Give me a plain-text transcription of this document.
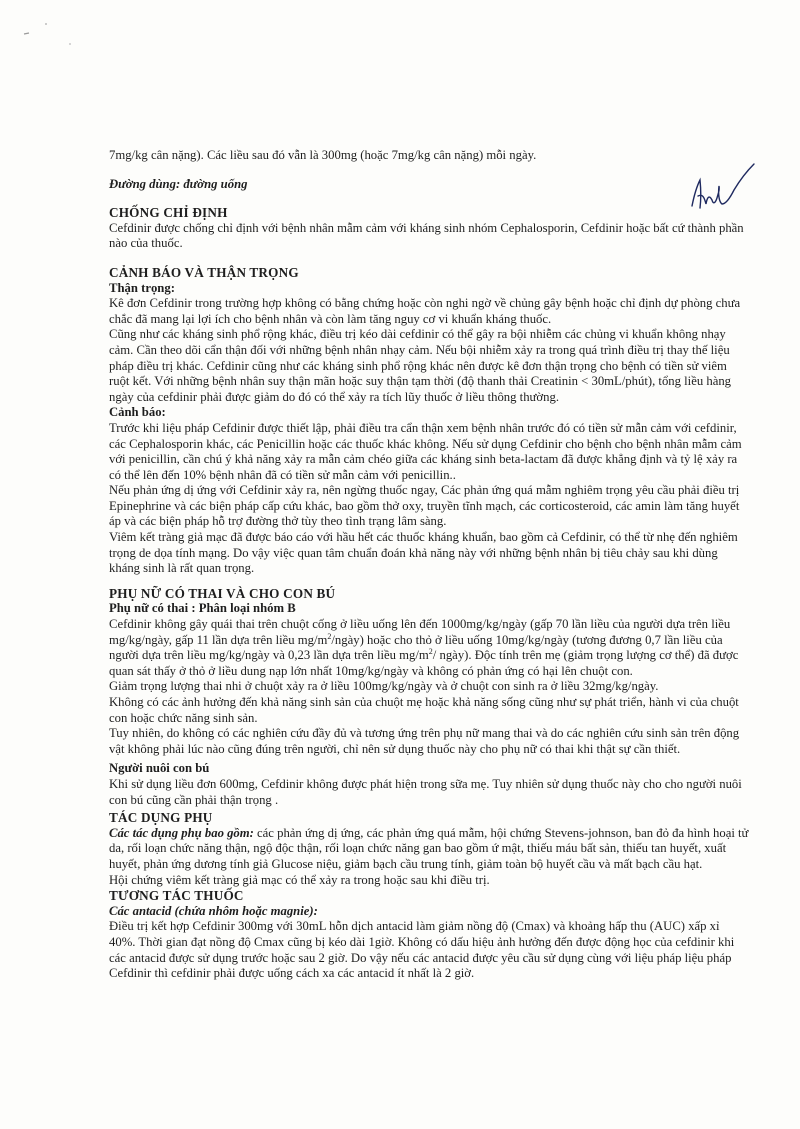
7mg/kg cân nặng). Các liều sau đó vẫn là 300mg (hoặc 7mg/kg cân nặng) mỗi ngày.

Đường dùng: đường uống

CHỐNG CHỈ ĐỊNH

Cefdinir được chống chỉ định với bệnh nhân mẫm cảm với kháng sinh nhóm Cephalosporin, Cefdinir hoặc bất cứ thành phần nào của thuốc.

CẢNH BÁO VÀ THẬN TRỌNG

Thận trọng:

Kê đơn Cefdinir trong trường hợp không có bằng chứng hoặc còn nghi ngờ về chủng gây bệnh hoặc chỉ định dự phòng chưa chắc đã mang lại lợi ích cho bệnh nhân và còn làm tăng nguy cơ vi khuẩn kháng thuốc.

Cũng như các kháng sinh phổ rộng khác, điều trị kéo dài cefdinir có thể gây ra bội nhiễm các chủng vi khuẩn không nhạy cảm. Cần theo dõi cẩn thận đối với những bệnh nhân nhạy cảm. Nếu bội nhiễm xảy ra trong quá trình điều trị thay thế liệu pháp điều trị khác. Cefdinir cũng như các kháng sinh phổ rộng khác nên được kê đơn thận trọng cho bệnh có tiền sử viêm ruột kết. Với những bệnh nhân suy thận mãn hoặc suy thận tạm thời (độ thanh thải Creatinin < 30mL/phút), tổng liều hàng ngày của cefdinir phải được giảm do đó có thể xảy ra tích lũy thuốc ở liều thông thường.

Cảnh báo:

Trước khi liệu pháp Cefdinir được thiết lập, phải điều tra cẩn thận xem bệnh nhân trước đó có tiền sử mẫn cảm với cefdinir, các Cephalosporin khác, các Penicillin hoặc các thuốc khác không. Nếu sử dụng Cefdinir cho bệnh cho bệnh nhân mẫm cảm với penicillin, cần chú ý khả năng xảy ra mẫn cảm chéo giữa các kháng sinh beta-lactam đã được khẳng định và tỷ lệ xảy ra có thể lên đến 10% bệnh nhân đã có tiền sử mẫn cảm với penicillin..

Nếu phản ứng dị ứng với Cefdinir xảy ra, nên ngừng thuốc ngay, Các phản ứng quá mẫm nghiêm trọng yêu cầu phải điều trị Epinephrine và các biện pháp cấp cứu khác, bao gồm thở oxy, truyền tĩnh mạch, các corticosteroid, các amin làm tăng huyết áp và các biện pháp hỗ trợ đường thở tùy theo tình trạng lâm sàng.

Viêm kết tràng giả mạc đã được báo cáo với hầu hết các thuốc kháng khuẩn, bao gồm cả Cefdinir, có thể từ nhẹ đến nghiêm trọng de dọa tính mạng. Do vậy việc quan tâm chuẩn đoán khả năng này với những bệnh nhân bị tiêu chảy sau khi dùng kháng sinh là rất quan trọng.

PHỤ NỮ CÓ THAI VÀ CHO CON BÚ

Phụ nữ có thai : Phân loại nhóm B

Cefdinir không gây quái thai trên chuột cống ở liều uống lên đến 1000mg/kg/ngày (gấp 70 lần liều của người dựa trên liều mg/kg/ngày, gấp 11 lần dựa trên liều $mg/m^2/ngày$) hoặc cho thỏ ở liều uống 10mg/kg/ngày (tương đương 0,7 lần liều của người dựa trên liều mg/kg/ngày và 0,23 lần dựa trên liều $mg/m^2/$ ngày). Độc tính trên mẹ (giảm trọng lượng cơ thể) đã được quan sát thấy ở thỏ ở liều dung nạp lớn nhất 10mg/kg/ngày và không có phản ứng có hại lên chuột con.

Giảm trọng lượng thai nhi ở chuột xảy ra ở liều 100mg/kg/ngày và ở chuột con sinh ra ở liều 32mg/kg/ngày.

Không có các ảnh hưởng đến khả năng sinh sản của chuột mẹ hoặc khả năng sống cũng như sự phát triển, hành vi của chuột con hoặc chức năng sinh sản.

Tuy nhiên, do không có các nghiên cứu đầy đủ và tương ứng trên phụ nữ mang thai và do các nghiên cứu sinh sản trên động vật không phải lúc nào cũng đúng trên người, chỉ nên sử dụng thuốc này cho phụ nữ có thai khi thật sự cần thiết.

Người nuôi con bú

Khi sử dụng liều đơn 600mg, Cefdinir không được phát hiện trong sữa mẹ. Tuy nhiên sử dụng thuốc này cho cho người nuôi con bú cũng cần phải thận trọng .

TÁC DỤNG PHỤ

Các tác dụng phụ bao gồm: các phản ứng dị ứng, các phản ứng quá mẫm, hội chứng Stevens-johnson, ban đỏ đa hình hoại tử da, rối loạn chức năng thận, ngộ độc thận, rối loạn chức năng gan bao gồm ứ mật, thiếu máu bất sản, thiếu tan huyết, xuất huyết, phản ứng dương tính giả Glucose niệu, giảm bạch cầu trung tính, giảm toàn bộ huyết cầu và mất bạch cầu hạt.

Hội chứng viêm kết tràng giả mạc có thể xảy ra trong hoặc sau khi điều trị.

TƯƠNG TÁC THUỐC

Các antacid (chứa nhôm hoặc magnie):

Điều trị kết hợp Cefdinir 300mg với 30mL hỗn dịch antacid làm giảm nồng độ (Cmax) và khoảng hấp thu (AUC) xấp xỉ 40%. Thời gian đạt nồng độ Cmax cũng bị kéo dài 1giờ. Không có dấu hiệu ảnh hưởng đến được động học của cefdinir khi các antacid được sử dụng trước hoặc sau 2 giờ. Do vậy nếu các antacid được yêu cầu sử dụng cùng với liệu pháp liệu pháp Cefdinir thì cefdinir phải được uống cách xa các antacid ít nhất là 2 giờ.
